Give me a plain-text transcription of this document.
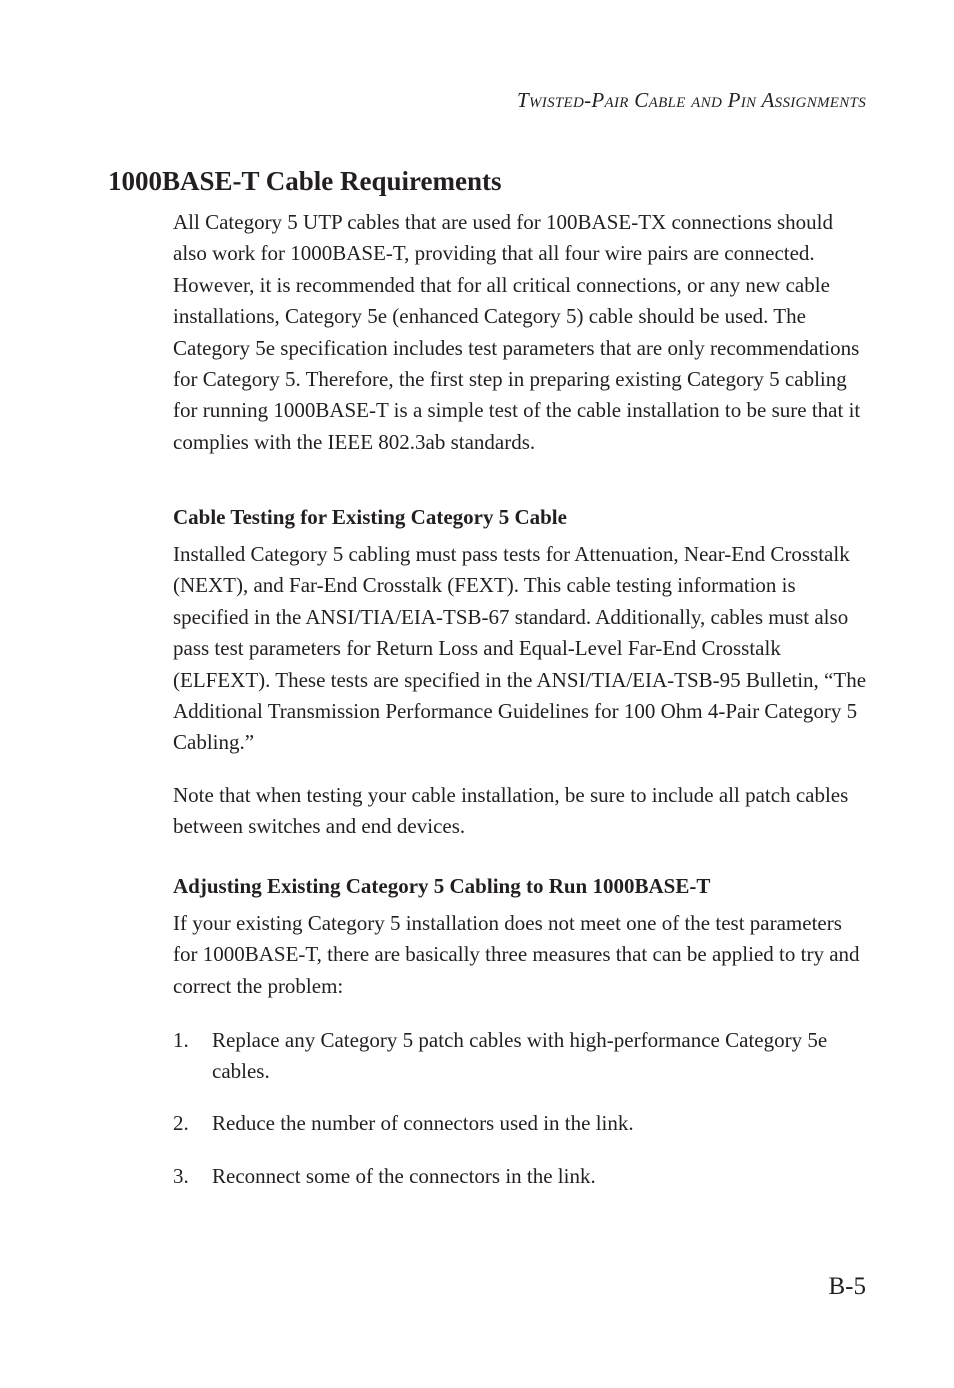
Twisted-Pair Cable and Pin Assignments
1000BASE-T Cable Requirements

All Category 5 UTP cables that are used for 100BASE-TX connections should also work for 1000BASE-T, providing that all four wire pairs are connected. However, it is recommended that for all critical connections, or any new cable installations, Category 5e (enhanced Category 5) cable should be used. The Category 5e specification includes test parameters that are only recommendations for Category 5. Therefore, the first step in preparing existing Category 5 cabling for running 1000BASE-T is a simple test of the cable installation to be sure that it complies with the IEEE 802.3ab standards.

Cable Testing for Existing Category 5 Cable

Installed Category 5 cabling must pass tests for Attenuation, Near-End Crosstalk (NEXT), and Far-End Crosstalk (FEXT). This cable testing information is specified in the ANSI/TIA/EIA-TSB-67 standard. Additionally, cables must also pass test parameters for Return Loss and Equal-Level Far-End Crosstalk (ELFEXT). These tests are specified in the ANSI/TIA/EIA-TSB-95 Bulletin, “The Additional Transmission Performance Guidelines for 100 Ohm 4-Pair Category 5 Cabling.”

Note that when testing your cable installation, be sure to include all patch cables between switches and end devices.

Adjusting Existing Category 5 Cabling to Run 1000BASE-T

If your existing Category 5 installation does not meet one of the test parameters for 1000BASE-T, there are basically three measures that can be applied to try and correct the problem:

1.	Replace any Category 5 patch cables with high-performance Category 5e cables.
2.	Reduce the number of connectors used in the link.
3.	Reconnect some of the connectors in the link.
B-5
